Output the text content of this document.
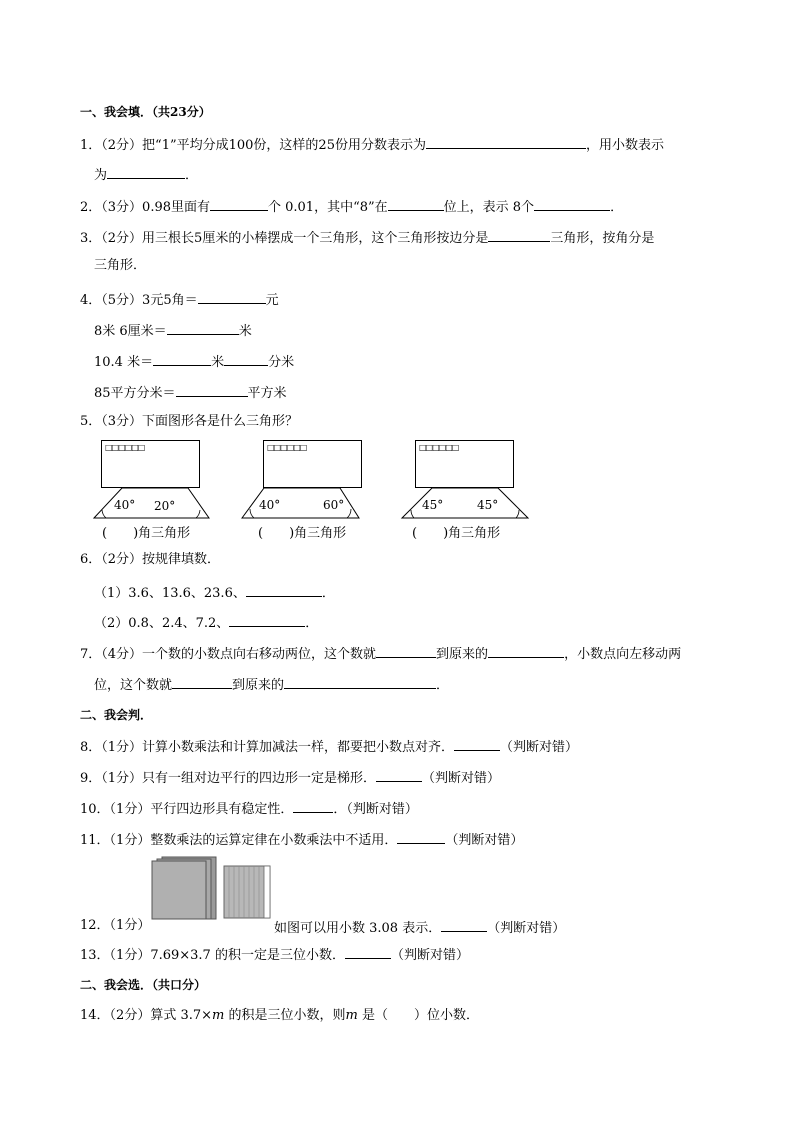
一、我会填．（共23分）
1．（2分）把“1”平均分成100份，这样的25份用分数表示为	，用小数表示
为	．
2．（3分）0.98里面有	个 0.01，其中“8”在	位上，表示 8个	．
3．（2分）用三根长5厘米的小棒摆成一个三角形，这个三角形按边分是	三角形，按角分是
三角形．
4．（5分）3元5角＝	元
8米 6厘米＝	米
10.4 米＝	米	分米
85平方分米＝	平方米
5．（3分）下面图形各是什么三角形？
□□□□□□
40° 20°
(　　)角三角形
□□□□□□
40°	60°
(　　)角三角形
□□□□□□
45°	45°
(　　)角三角形
6．（2分）按规律填数．
（1）3.6、13.6、23.6、	．
（2）0.8、2.4、7.2、	．
7．（4分）一个数的小数点向右移动两位，这个数就	到原来的	，小数点向左移动两
位，这个数就	到原来的	．
二、我会判．
8．（1分）计算小数乘法和计算加减法一样，都要把小数点对齐．	（判断对错）
9．（1分）只有一组对边平行的四边形一定是梯形．	（判断对错）
10．（1分）平行四边形具有稳定性．	．（判断对错）
11．（1分）整数乘法的运算定律在小数乘法中不适用．	（判断对错）
12．（1分）	如图可以用小数 3.08 表示．	（判断对错）
13．（1分）7.69×3.7 的积一定是三位小数．	（判断对错）
二、我会选．（共口分）
14．（2分）算式 3.7×m 的积是三位小数，则m 是（　　）位小数．
